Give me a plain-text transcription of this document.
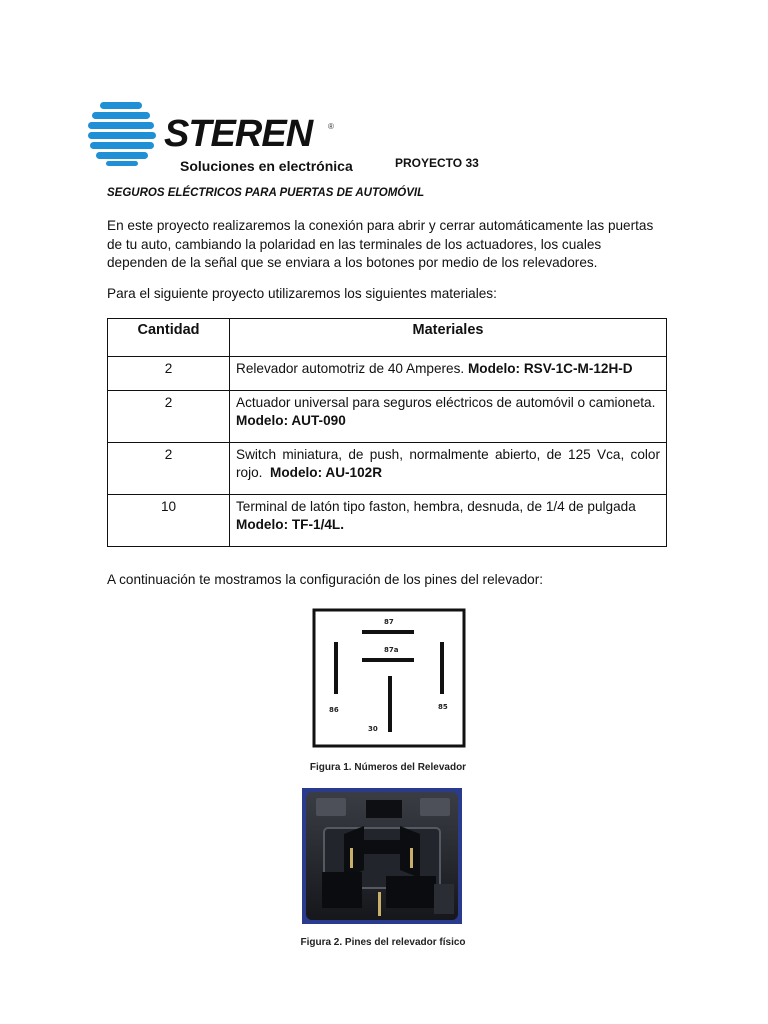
STEREN ®
Soluciones en electrónica	PROYECTO 33
SEGUROS ELÉCTRICOS PARA PUERTAS DE AUTOMÓVIL

En este proyecto realizaremos la conexión para abrir y cerrar automáticamente las puertas de tu auto, cambiando la polaridad en las terminales de los actuadores, los cuales dependen de la señal que se enviara a los botones por medio de los relevadores.

Para el siguiente proyecto utilizaremos los siguientes materiales:

Cantidad	Materiales
2	Relevador automotriz de 40 Amperes. Modelo: RSV-1C-M-12H-D
2	Actuador universal para seguros eléctricos de automóvil o camioneta.
Modelo: AUT-090
2	Switch miniatura, de push, normalmente abierto, de 125 Vca, color rojo. Modelo: AU-102R
10	Terminal de latón tipo faston, hembra, desnuda, de 1/4 de pulgada
Modelo: TF-1/4L.

A continuación te mostramos la configuración de los pines del relevador:

87
87a
86	85
30
Figura 1. Números del Relevador
Figura 2. Pines del relevador físico
